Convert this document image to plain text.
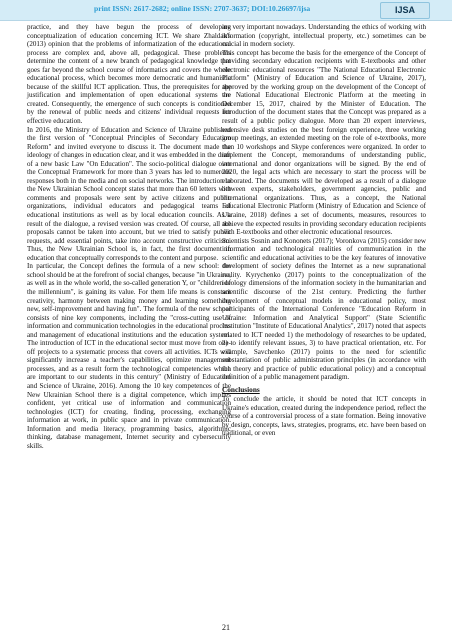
print ISSN: 2617-2682; online ISSN: 2707-3637; DOI:10.26697/ijsa	IJSA

practice, and they have begun the process of developing conceptualization of education concerning ICT. We share Zhaldak's (2013) opinion that the problems of informatization of the educational process are complex and, above all, pedagogical. These problems determine the content of a new branch of pedagogical knowledge that goes far beyond the school course of informatics and covers the whole educational process, which becomes more democratic and humanistic because of the skillful ICT application. Thus, the prerequisites for the justification and implementation of open educational systems are created. Consequently, the emergence of such concepts is conditioned by the renewal of public needs and citizens' individual requests for effective education.

In 2016, the Ministry of Education and Science of Ukraine published the first version of "Conceptual Principles of Secondary Education Reform" and invited everyone to discuss it. The document made the ideology of changes in education clear, and it was embedded in the draft of a new basic Law "On Education". The socio-political dialogue over the Conceptual Framework for more than 3 years has led to numerous responses both in the media and on social networks. The introduction to the New Ukrainian School concept states that more than 60 letters with comments and proposals were sent by active citizens and public organizations, individual educators and pedagogical teams of educational institutions as well as by local education councils. As a result of the dialogue, a revised version was created. Of course, all the proposals cannot be taken into account, but we tried to satisfy public requests, add essential points, take into account constructive criticism. Thus, the New Ukrainian School is, in fact, the first document in education that conceptually corresponds to the content and purpose.

In particular, the Concept defines the formula of a new school: the school should be at the forefront of social changes, because "in Ukraine, as well as in the whole world, the so-called generation Y, or "children of the millennium", is gaining its value. For them life means is constant creativity, harmony between making money and learning something new, self-improvement and having fun". The formula of the new school consists of nine key components, including the "cross-cutting use of information and communication technologies in the educational process and management of educational institutions and the education system. The introduction of ICT in the educational sector must move from one-off projects to a systematic process that covers all activities. ICTs will significantly increase a teacher's capabilities, optimize management processes, and as a result form the technological competencies which are important to our students in this century" (Ministry of Education and Science of Ukraine, 2016). Among the 10 key competences of the New Ukrainian School there is a digital competence, which implies confident, yet critical use of information and communication technologies (ICT) for creating, finding, processing, exchanging information at work, in public space and in private communication. Information and media literacy, programming basics, algorithmic thinking, database management, Internet security and cybersecurity skills.

are very important nowadays. Understanding the ethics of working with information (copyright, intellectual property, etc.) sometimes can be crucial in modern society.

This concept has become the basis for the emergence of the Concept of providing secondary education recipients with E-textbooks and other electronic educational resources "The National Educational Electronic Platform" (Ministry of Education and Science of Ukraine, 2017), approved by the working group on the development of the Concept of the National Educational Electronic Platform at the meeting in December 15, 2017, chaired by the Minister of Education. The introduction of the document states that the Concept was prepared as a result of a public policy dialogue. More than 20 expert interviews, extensive desk studies on the best foreign experience, three working group meetings, an extended meeting on the role of e-textbooks, more than 10 workshops and Skype conferences were organized. In order to implement the Concept, memorandums of understanding public, international and donor organizations will be signed. By the end of 2020, the legal acts which are necessary to start the process will be elaborated. The documents will be developed as a result of a dialogue between experts, stakeholders, government agencies, public and international organizations. Thus, as a concept, the National Educational Electronic Platform (Ministry of Education and Science of Ukraine, 2018) defines a set of documents, measures, resources to achieve the expected results in providing secondary education recipients with E-textbooks and other electronic educational resources.

Scientists Sosnin and Kononets (2017); Voronkova (2015) consider new information and technological realities of communication in the scientific and educational activities to be the key features of innovative development of society defines the Internet as a new supranational reality. Kyrychenko (2017) points to the conceptualization of the ideology dimensions of the information society in the humanitarian and scientific discourse of the 21st century. Predicting the further development of conceptual models in educational policy, most participants of the International Conference "Education Reform in Ukraine: Information and Analytical Support" (State Scientific Institution "Institute of Educational Analytics", 2017) noted that aspects related to ICT needed 1) the methodology of researches to be updated, 2) to identify relevant issues, 3) to have practical orientation, etc. For example, Savchenko (2017) points to the need for scientific substantiation of public administration principles (in accordance with the theory and practice of public educational policy) and a conceptual definition of a public management paradigm.

Conclusions

To conclude the article, it should be noted that ICT concepts in Ukraine's education, created during the independence period, reflect the course of a controversial process of a state formation. Being innovative by design, concepts, laws, strategies, programs, etc. have been based on traditional, or even

21
